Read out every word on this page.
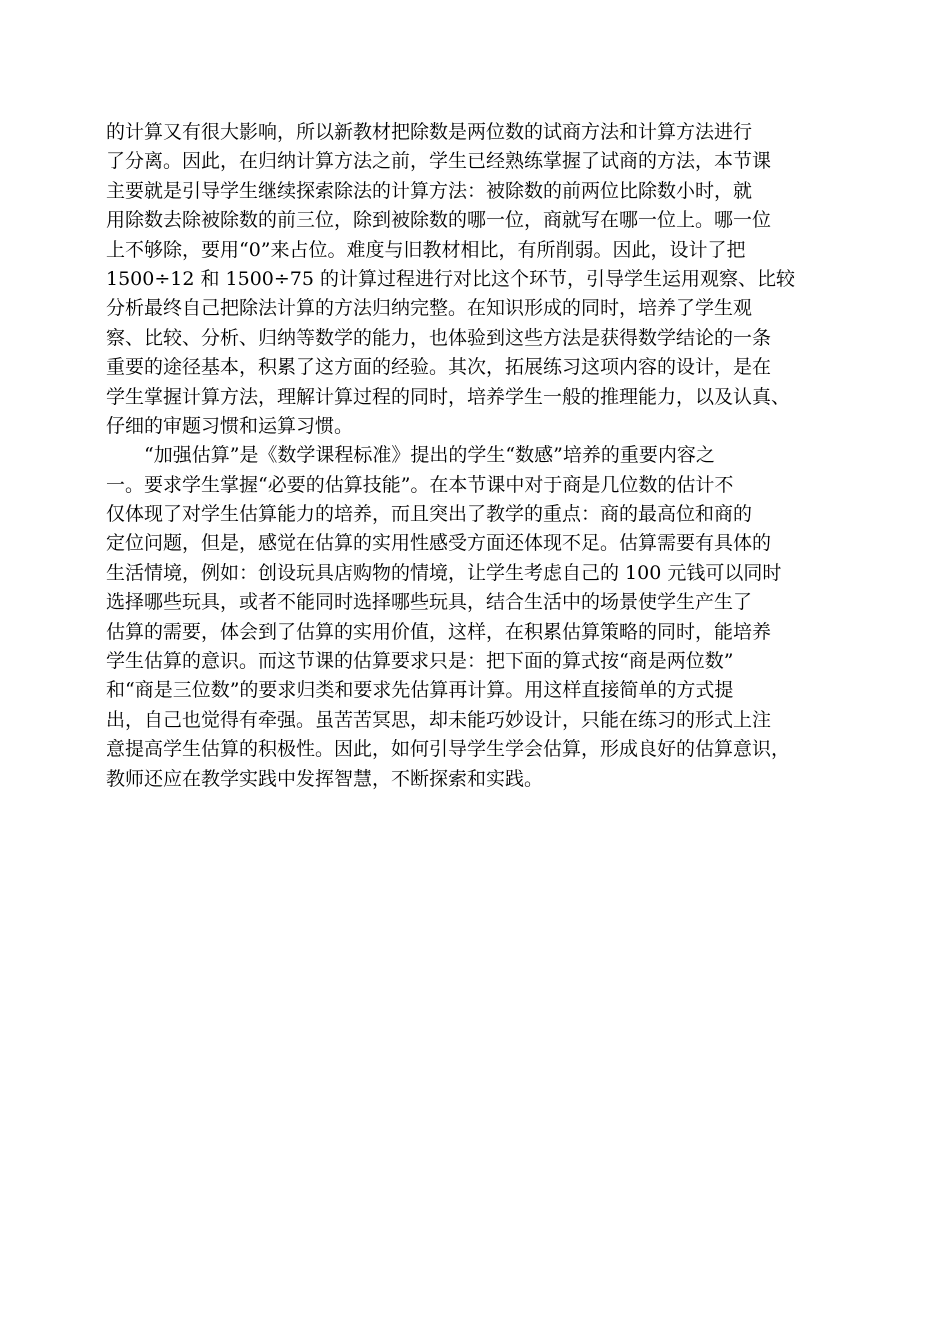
的计算又有很大影响，所以新教材把除数是两位数的试商方法和计算方法进行
了分离。因此，在归纳计算方法之前，学生已经熟练掌握了试商的方法，本节课
主要就是引导学生继续探索除法的计算方法：被除数的前两位比除数小时，就
用除数去除被除数的前三位，除到被除数的哪一位，商就写在哪一位上。哪一位
上不够除，要用“0”来占位。难度与旧教材相比，有所削弱。因此，设计了把
1500÷12 和 1500÷75 的计算过程进行对比这个环节，引导学生运用观察、比较
分析最终自己把除法计算的方法归纳完整。在知识形成的同时，培养了学生观
察、比较、分析、归纳等数学的能力，也体验到这些方法是获得数学结论的一条
重要的途径基本，积累了这方面的经验。其次，拓展练习这项内容的设计，是在
学生掌握计算方法，理解计算过程的同时，培养学生一般的推理能力，以及认真、
仔细的审题习惯和运算习惯。
“加强估算”是《数学课程标准》提出的学生“数感”培养的重要内容之
一。要求学生掌握“必要的估算技能”。在本节课中对于商是几位数的估计不
仅体现了对学生估算能力的培养，而且突出了教学的重点：商的最高位和商的
定位问题，但是，感觉在估算的实用性感受方面还体现不足。估算需要有具体的
生活情境，例如：创设玩具店购物的情境，让学生考虑自己的 100 元钱可以同时
选择哪些玩具，或者不能同时选择哪些玩具，结合生活中的场景使学生产生了
估算的需要，体会到了估算的实用价值，这样，在积累估算策略的同时，能培养
学生估算的意识。而这节课的估算要求只是：把下面的算式按“商是两位数”
和“商是三位数”的要求归类和要求先估算再计算。用这样直接简单的方式提
出，自己也觉得有牵强。虽苦苦冥思，却未能巧妙设计，只能在练习的形式上注
意提高学生估算的积极性。因此，如何引导学生学会估算，形成良好的估算意识，
教师还应在教学实践中发挥智慧，不断探索和实践。
